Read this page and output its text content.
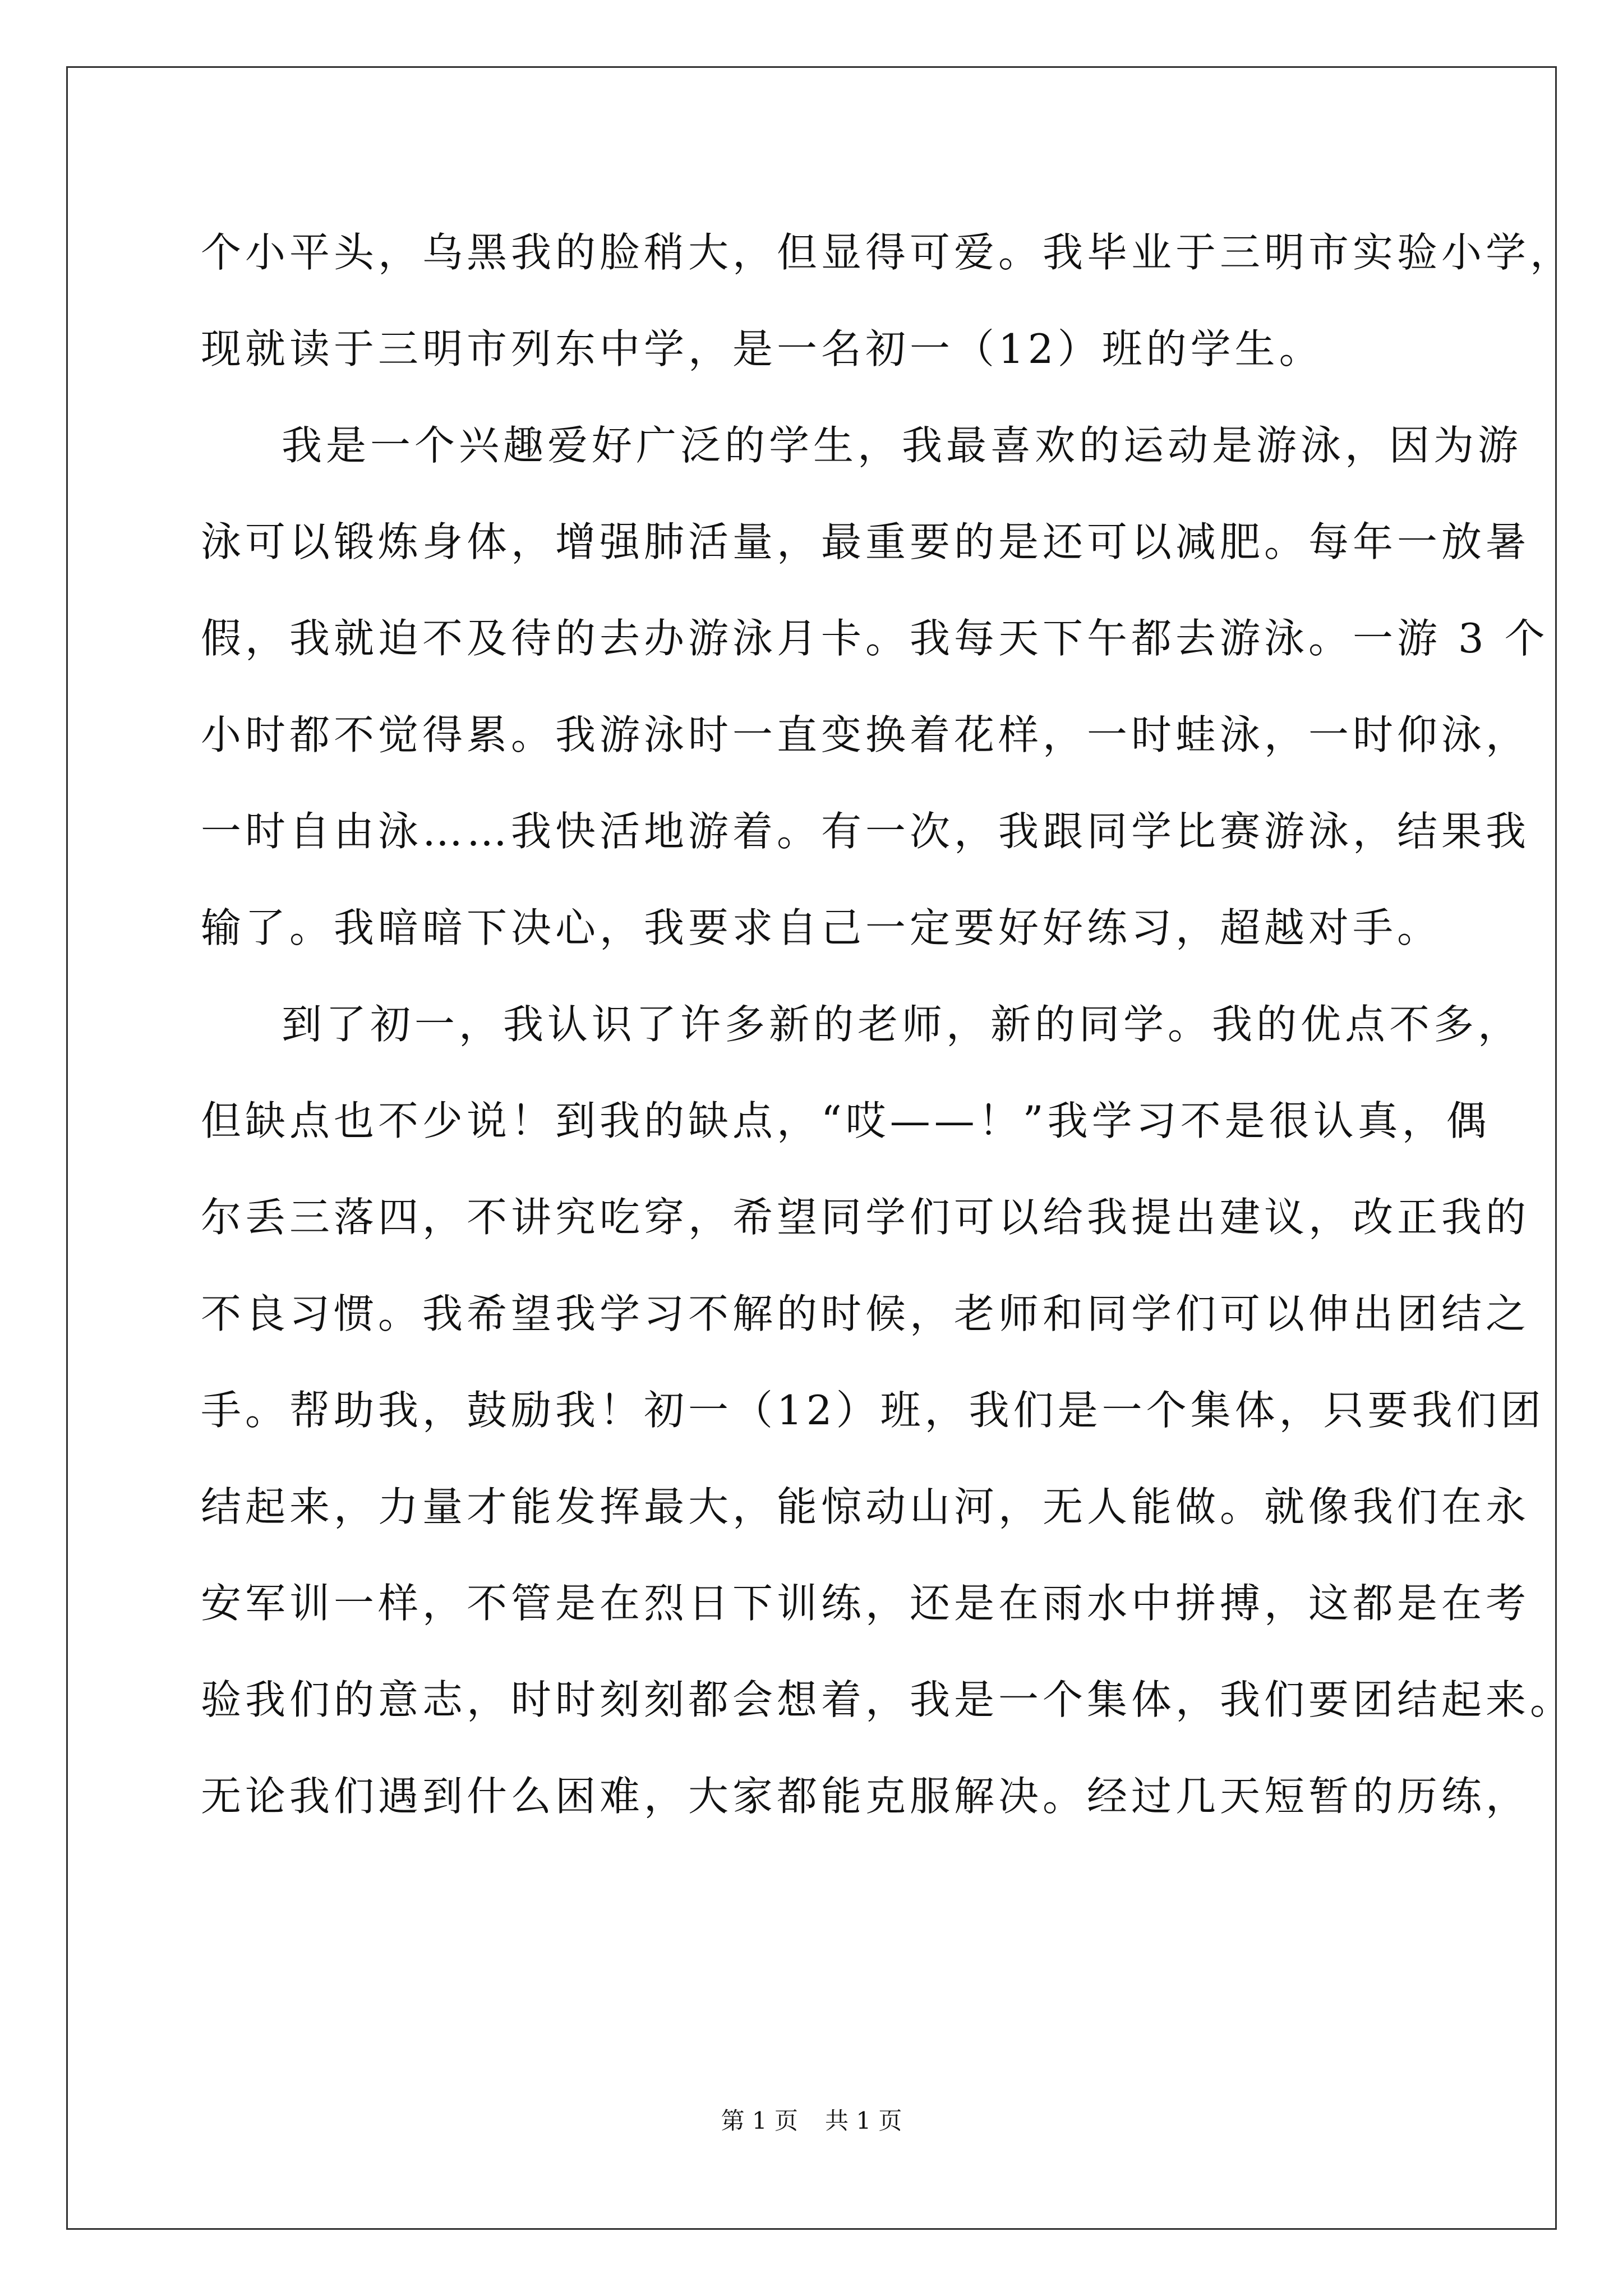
个小平头，乌黑我的脸稍大，但显得可爱。我毕业于三明市实验小学，
现就读于三明市列东中学，是一名初一（12）班的学生。
我是一个兴趣爱好广泛的学生，我最喜欢的运动是游泳，因为游
泳可以锻炼身体，增强肺活量，最重要的是还可以减肥。每年一放暑
假，我就迫不及待的去办游泳月卡。我每天下午都去游泳。一游 3 个
小时都不觉得累。我游泳时一直变换着花样，一时蛙泳，一时仰泳，
一时自由泳……我快活地游着。有一次，我跟同学比赛游泳，结果我
输了。我暗暗下决心，我要求自己一定要好好练习，超越对手。
到了初一，我认识了许多新的老师，新的同学。我的优点不多，
但缺点也不少说！到我的缺点，“哎——！”我学习不是很认真，偶
尔丢三落四，不讲究吃穿，希望同学们可以给我提出建议，改正我的
不良习惯。我希望我学习不解的时候，老师和同学们可以伸出团结之
手。帮助我，鼓励我！初一（12）班，我们是一个集体，只要我们团
结起来，力量才能发挥最大，能惊动山河，无人能做。就像我们在永
安军训一样，不管是在烈日下训练，还是在雨水中拼搏，这都是在考
验我们的意志，时时刻刻都会想着，我是一个集体，我们要团结起来。
无论我们遇到什么困难，大家都能克服解决。经过几天短暂的历练，
第 1 页 共 1 页
